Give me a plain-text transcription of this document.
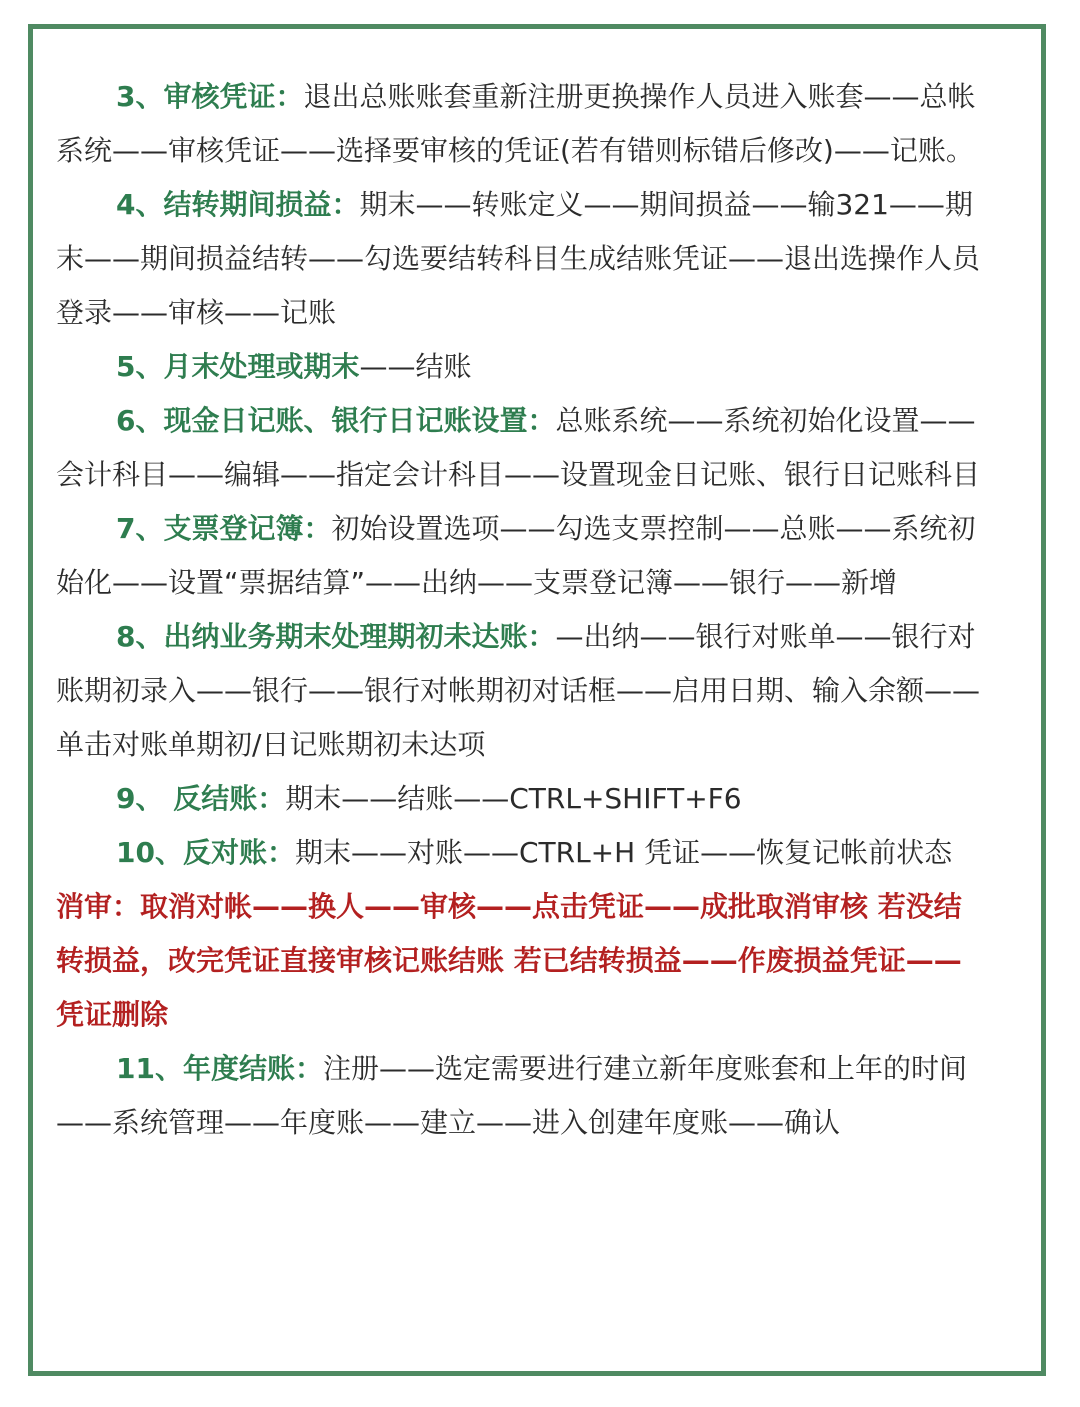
3、审核凭证：退出总账账套重新注册更换操作人员进入账套——总帐系统——审核凭证——选择要审核的凭证(若有错则标错后修改)——记账。

4、结转期间损益：期末——转账定义——期间损益——输321——期末——期间损益结转——勾选要结转科目生成结账凭证——退出选操作人员登录——审核——记账

5、月末处理或期末——结账

6、现金日记账、银行日记账设置：总账系统——系统初始化设置——会计科目——编辑——指定会计科目——设置现金日记账、银行日记账科目

7、支票登记簿：初始设置选项——勾选支票控制——总账——系统初始化——设置“票据结算”——出纳——支票登记簿——银行——新增

8、出纳业务期末处理期初未达账：—出纳——银行对账单——银行对账期初录入——银行——银行对帐期初对话框——启用日期、输入余额——单击对账单期初/日记账期初未达项

9、 反结账：期末——结账——CTRL+SHIFT+F6

10、反对账：期末——对账——CTRL+H 凭证——恢复记帐前状态 消审：取消对帐——换人——审核——点击凭证——成批取消审核 若没结转损益，改完凭证直接审核记账结账 若已结转损益——作废损益凭证——凭证删除

11、年度结账：注册——选定需要进行建立新年度账套和上年的时间——系统管理——年度账——建立——进入创建年度账——确认
